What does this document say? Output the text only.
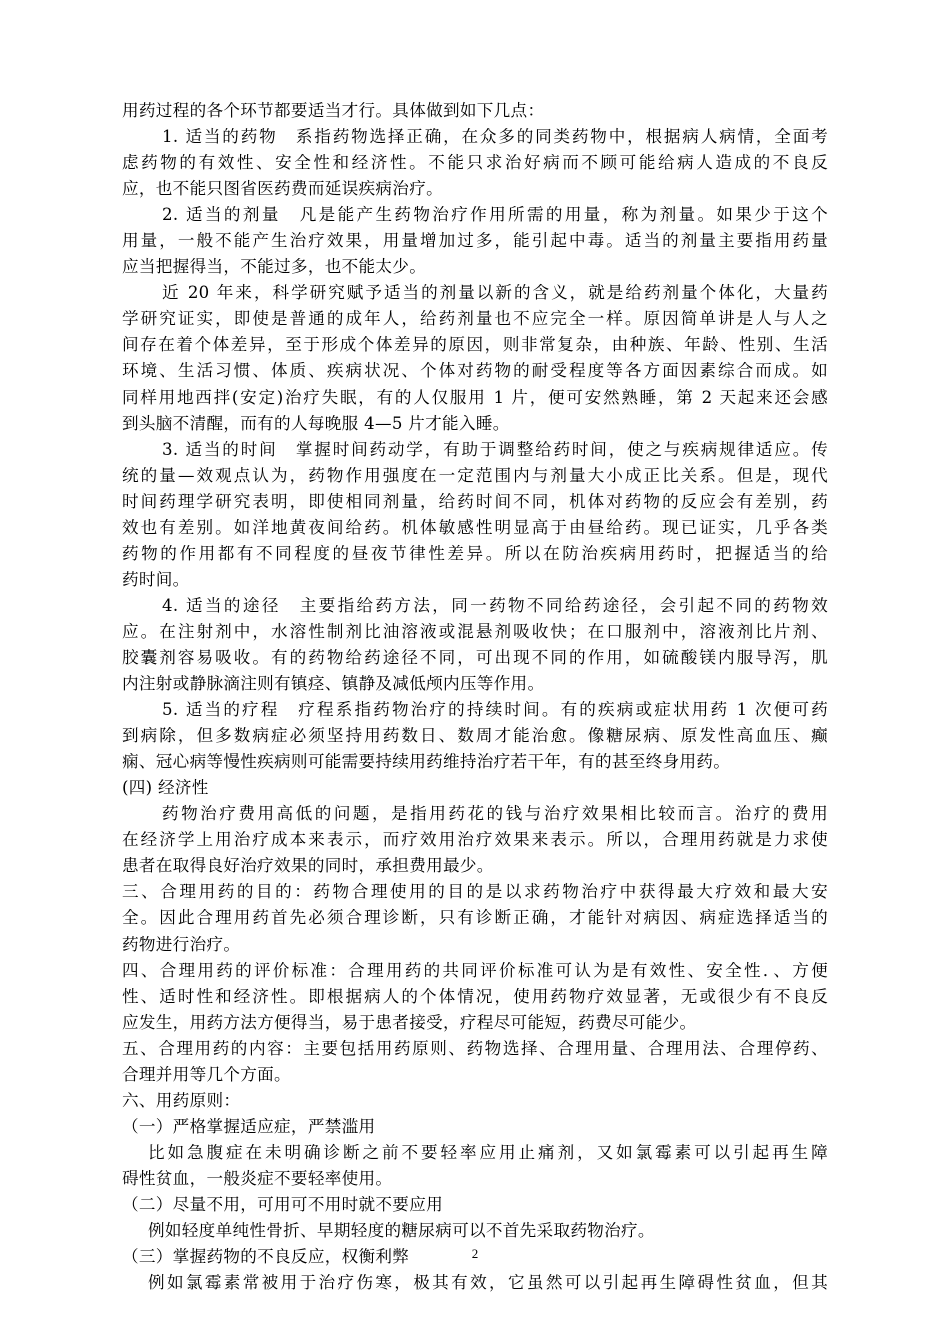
用药过程的各个环节都要适当才行。具体做到如下几点：
1. 适当的药物　系指药物选择正确，在众多的同类药物中，根据病人病情，全面考
虑药物的有效性、安全性和经济性。不能只求治好病而不顾可能给病人造成的不良反
应，也不能只图省医药费而延误疾病治疗。
2. 适当的剂量　凡是能产生药物治疗作用所需的用量，称为剂量。如果少于这个
用量，一般不能产生治疗效果，用量增加过多，能引起中毒。适当的剂量主要指用药量
应当把握得当，不能过多，也不能太少。
近 20 年来，科学研究赋予适当的剂量以新的含义，就是给药剂量个体化，大量药
学研究证实，即使是普通的成年人，给药剂量也不应完全一样。原因简单讲是人与人之
间存在着个体差异，至于形成个体差异的原因，则非常复杂，由种族、年龄、性别、生活
环境、生活习惯、体质、疾病状况、个体对药物的耐受程度等各方面因素综合而成。如
同样用地西拌(安定)治疗失眠，有的人仅服用 1 片，便可安然熟睡，第 2 天起来还会感
到头脑不清醒，而有的人每晚服 4—5 片才能入睡。
3. 适当的时间　掌握时间药动学，有助于调整给药时间，使之与疾病规律适应。传
统的量—效观点认为，药物作用强度在一定范围内与剂量大小成正比关系。但是，现代
时间药理学研究表明，即使相同剂量，给药时间不同，机体对药物的反应会有差别，药
效也有差别。如洋地黄夜间给药。机体敏感性明显高于由昼给药。现已证实，几乎各类
药物的作用都有不同程度的昼夜节律性差异。所以在防治疾病用药时，把握适当的给
药时间。
4. 适当的途径　主要指给药方法，同一药物不同给药途径，会引起不同的药物效
应。在注射剂中，水溶性制剂比油溶液或混悬剂吸收快；在口服剂中，溶液剂比片剂、
胶囊剂容易吸收。有的药物给药途径不同，可出现不同的作用，如硫酸镁内服导泻，肌
内注射或静脉滴注则有镇痉、镇静及减低颅内压等作用。
5. 适当的疗程　疗程系指药物治疗的持续时间。有的疾病或症状用药 1 次便可药
到病除，但多数病症必须坚持用药数日、数周才能治愈。像糖尿病、原发性高血压、癫
痫、冠心病等慢性疾病则可能需要持续用药维持治疗若干年，有的甚至终身用药。
(四) 经济性
药物治疗费用高低的问题，是指用药花的钱与治疗效果相比较而言。治疗的费用
在经济学上用治疗成本来表示，而疗效用治疗效果来表示。所以，合理用药就是力求使
患者在取得良好治疗效果的同时，承担费用最少。
三、合理用药的目的：药物合理使用的目的是以求药物治疗中获得最大疗效和最大安
全。因此合理用药首先必须合理诊断，只有诊断正确，才能针对病因、病症选择适当的
药物进行治疗。
四、合理用药的评价标准：合理用药的共同评价标准可认为是有效性、安全性．、方便
性、适时性和经济性。即根据病人的个体情况，使用药物疗效显著，无或很少有不良反
应发生，用药方法方便得当，易于患者接受，疗程尽可能短，药费尽可能少。
五、合理用药的内容：主要包括用药原则、药物选择、合理用量、合理用法、合理停药、
合理并用等几个方面。
六、用药原则：
（一）严格掌握适应症，严禁滥用
比如急腹症在未明确诊断之前不要轻率应用止痛剂，又如氯霉素可以引起再生障
碍性贫血，一般炎症不要轻率使用。
（二）尽量不用，可用可不用时就不要应用
例如轻度单纯性骨折、早期轻度的糖尿病可以不首先采取药物治疗。
（三）掌握药物的不良反应，权衡利弊
例如氯霉素常被用于治疗伤寒，极其有效，它虽然可以引起再生障碍性贫血，但其
2
